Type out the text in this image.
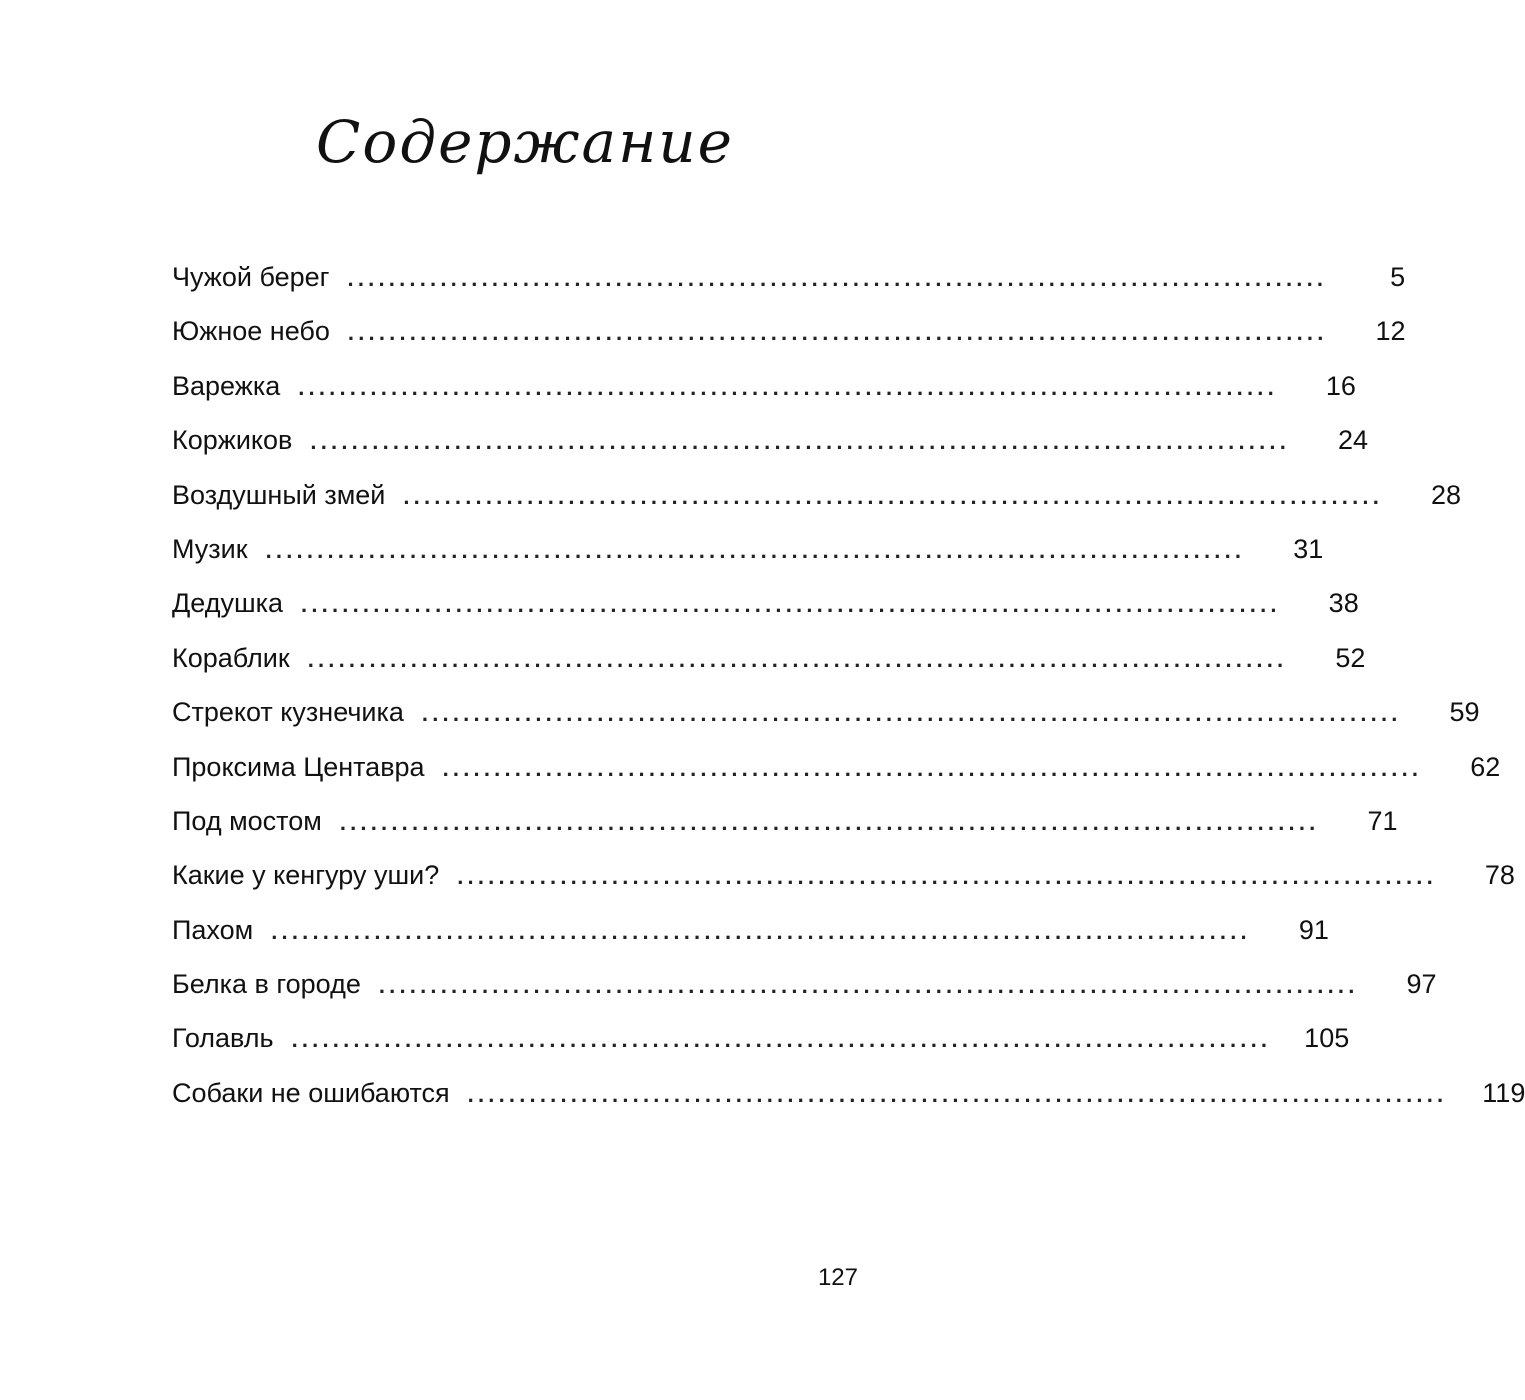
Содержание
Чужой берег ...............................................................................................	5
Южное небо ...............................................................................................	12
Варежка ...............................................................................................	16
Коржиков ...............................................................................................	24
Воздушный змей ...............................................................................................	28
Музик ...............................................................................................	31
Дедушка ...............................................................................................	38
Кораблик ...............................................................................................	52
Стрекот кузнечика ...............................................................................................	59
Проксима Центавра ...............................................................................................	62
Под мостом ...............................................................................................	71
Какие у кенгуру уши? ...............................................................................................	78
Пахом ...............................................................................................	91
Белка в городе ...............................................................................................	97
Голавль ...............................................................................................	105
Собаки не ошибаются ...............................................................................................	119
127
